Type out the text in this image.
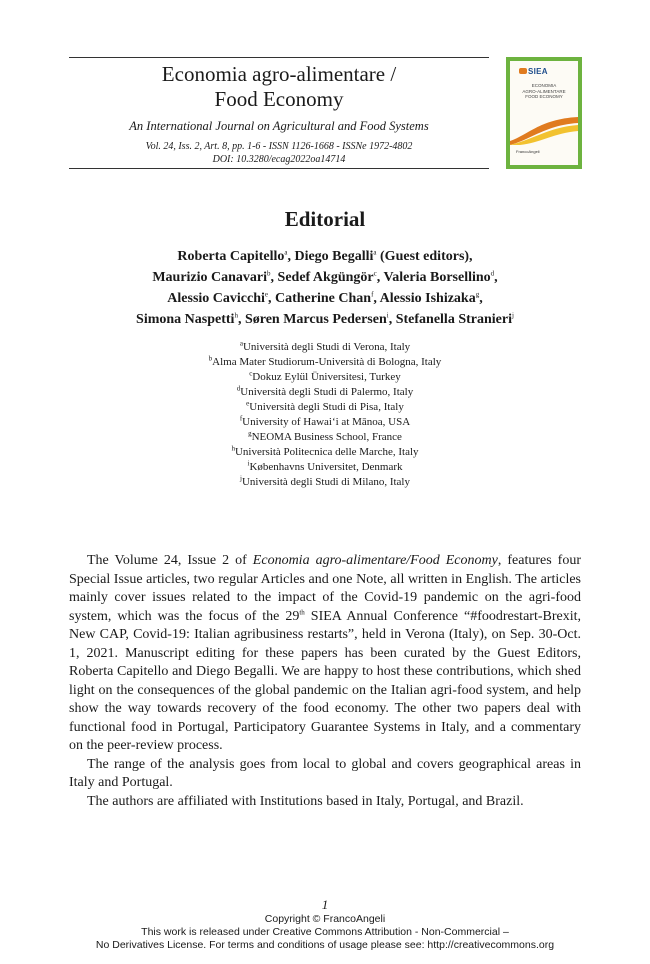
Economia agro-alimentare /
Food Economy
An International Journal on Agricultural and Food Systems
Vol. 24, Iss. 2, Art. 8, pp. 1-6 - ISSN 1126-1668 - ISSNe 1972-4802
DOI: 10.3280/ecag2022oa14714
SIEA
ECONOMIA
AGRO-ALIMENTARE
FOOD ECONOMY
FrancoAngeli
Editorial
Roberta Capitello$^a$, Diego Begalli$^a$ (Guest editors),
Maurizio Canavari$^b$, Sedef Akgüngör$^c$, Valeria Borsellino$^d$,
Alessio Cavicchi$^e$, Catherine Chan$^f$, Alessio Ishizaka$^g$,
Simona Naspetti$^h$, Søren Marcus Pedersen$^i$, Stefanella Stranieri$^j$
$^a$Università degli Studi di Verona, Italy
$^b$Alma Mater Studiorum-Università di Bologna, Italy
$^c$Dokuz Eylül Üniversitesi, Turkey
$^d$Università degli Studi di Palermo, Italy
$^e$Università degli Studi di Pisa, Italy
$^f$University of Hawai‘i at Mānoa, USA
$^g$NEOMA Business School, France
$^h$Università Politecnica delle Marche, Italy
$^i$Københavns Universitet, Denmark
$^j$Università degli Studi di Milano, Italy

The Volume 24, Issue 2 of Economia agro-alimentare/Food Economy, features four Special Issue articles, two regular Articles and one Note, all written in English. The articles mainly cover issues related to the impact of the Covid-19 pandemic on the agri-food system, which was the focus of the 29th SIEA Annual Conference “#foodrestart-Brexit, New CAP, Covid-19: Italian agribusiness restarts”, held in Verona (Italy), on Sep. 30-Oct. 1, 2021. Manuscript editing for these papers has been curated by the Guest Editors, Roberta Capitello and Diego Begalli. We are happy to host these contributions, which shed light on the consequences of the global pandemic on the Italian agri-food system, and help show the way towards recovery of the food economy. The other two papers deal with functional food in Portugal, Participatory Guarantee Systems in Italy, and a commentary on the peer-review process.

The range of the analysis goes from local to global and covers geographical areas in Italy and Portugal.

The authors are affiliated with Institutions based in Italy, Portugal, and Brazil.

1
Copyright © FrancoAngeli
This work is released under Creative Commons Attribution - Non-Commercial –
No Derivatives License. For terms and conditions of usage please see: http://creativecommons.org
